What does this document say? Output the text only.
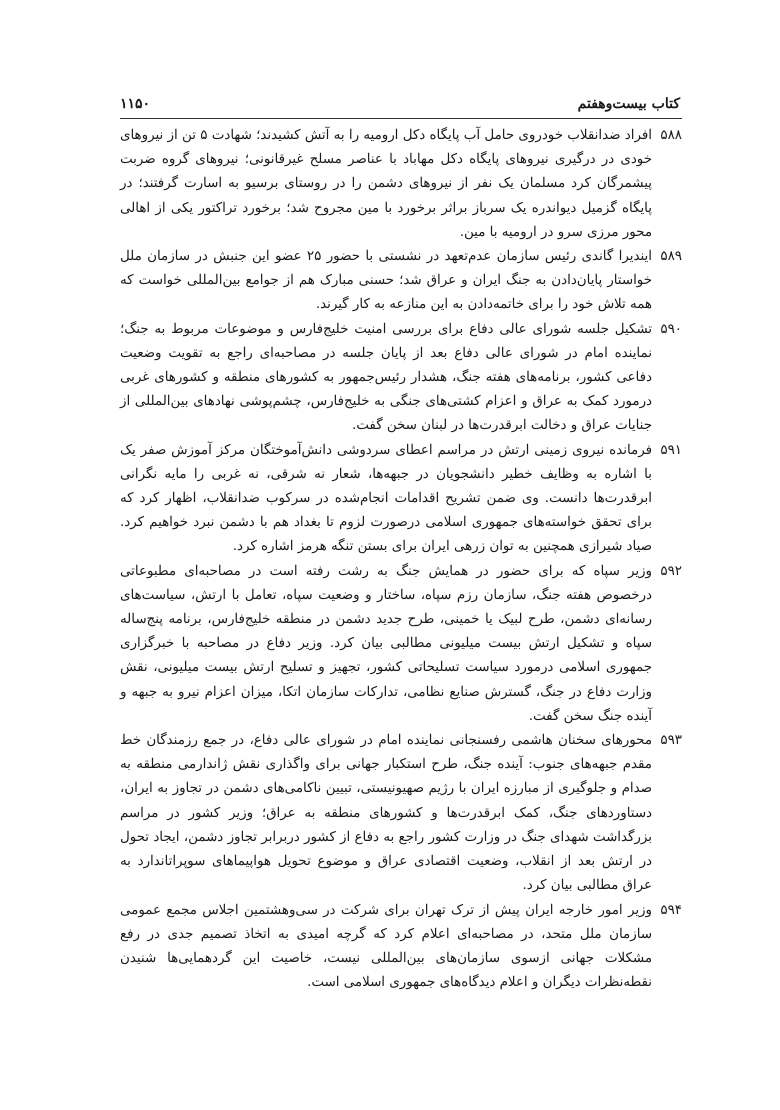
کتاب بیست‌وهفتم
۱۱۵۰
۵۸۸
افراد ضدانقلاب خودروی حامل آب پایگاه دکل ارومیه را به آتش کشیدند؛ شهادت ۵ تن از نیروهای خودی در درگیری نیروهای پایگاه دکل مهاباد با عناصر مسلح غیرقانونی؛ نیروهای گروه ضربت پیشمرگان کرد مسلمان یک نفر از نیروهای دشمن را در روستای برسیو به اسارت گرفتند؛ در پایگاه گزمیل دیواندره یک سرباز براثر برخورد با مین مجروح شد؛ برخورد تراکتور یکی از اهالی محور مرزی سرو در ارومیه با مین.
۵۸۹
ایندیرا گاندی رئیس سازمان عدم‌تعهد در نشستی با حضور ۲۵ عضو این جنبش در سازمان ملل خواستار پایان‌دادن به جنگ ایران و عراق شد؛ حسنی مبارک هم از جوامع بین‌المللی خواست که همه تلاش خود را برای خاتمه‌دادن به این منازعه به کار گیرند.
۵۹۰
تشکیل جلسه شورای عالی دفاع برای بررسی امنیت خلیج‌فارس و موضوعات مربوط به جنگ؛ نماینده امام در شورای عالی دفاع بعد از پایان جلسه در مصاحبه‌ای راجع به تقویت وضعیت دفاعی کشور، برنامه‌های هفته جنگ، هشدار رئیس‌جمهور به کشورهای منطقه و کشورهای غربی درمورد کمک به عراق و اعزام کشتی‌های جنگی به خلیج‌فارس، چشم‌پوشی نهادهای بین‌المللی از جنایات عراق و دخالت ابرقدرت‌ها در لبنان سخن گفت.
۵۹۱
فرمانده نیروی زمینی ارتش در مراسم اعطای سردوشی دانش‌آموختگان مرکز آموزش صفر یک با اشاره به وظایف خطیر دانشجویان در جبهه‌ها، شعار نه شرقی، نه غربی را مایه نگرانی ابرقدرت‌ها دانست. وی ضمن تشریح اقدامات انجام‌شده در سرکوب ضدانقلاب، اظهار کرد که برای تحقق خواسته‌های جمهوری اسلامی درصورت لزوم تا بغداد هم با دشمن نبرد خواهیم کرد. صیاد شیرازی همچنین به توان زرهی ایران برای بستن تنگه هرمز اشاره کرد.
۵۹۲
وزیر سپاه که برای حضور در همایش جنگ به رشت رفته است در مصاحبه‌ای مطبوعاتی درخصوص هفته جنگ، سازمان رزم سپاه، ساختار و وضعیت سپاه، تعامل با ارتش، سیاست‌های رسانه‌ای دشمن، طرح لبیک یا خمینی، طرح جدید دشمن در منطقه خلیج‌فارس، برنامه پنج‌ساله سپاه و تشکیل ارتش بیست میلیونی مطالبی بیان کرد. وزیر دفاع در مصاحبه با خبرگزاری جمهوری اسلامی درمورد سیاست تسلیحاتی کشور، تجهیز و تسلیح ارتش بیست میلیونی، نقش وزارت دفاع در جنگ، گسترش صنایع نظامی، تدارکات سازمان اتکا، میزان اعزام نیرو به جبهه و آینده جنگ سخن گفت.
۵۹۳
محورهای سخنان هاشمی رفسنجانی نماینده امام در شورای عالی دفاع، در جمع رزمندگان خط مقدم جبهه‌های جنوب: آینده جنگ، طرح استکبار جهانی برای واگذاری نقش ژاندارمی منطقه به صدام و جلوگیری از مبارزه ایران با رژیم صهیونیستی، تبیین ناکامی‌های دشمن در تجاوز به ایران، دستاوردهای جنگ، کمک ابرقدرت‌ها و کشورهای منطقه به عراق؛ وزیر کشور در مراسم بزرگداشت شهدای جنگ در وزارت کشور راجع به دفاع از کشور دربرابر تجاوز دشمن، ایجاد تحول در ارتش بعد از انقلاب، وضعیت اقتصادی عراق و موضوع تحویل هواپیماهای سوپراتاندارد به عراق مطالبی بیان کرد.
۵۹۴
وزیر امور خارجه ایران پیش از ترک تهران برای شرکت در سی‌وهشتمین اجلاس مجمع عمومی سازمان ملل متحد، در مصاحبه‌ای اعلام کرد که گرچه امیدی به اتخاذ تصمیم جدی در رفع مشکلات جهانی ازسوی سازمان‌های بین‌المللی نیست، خاصیت این گردهمایی‌ها شنیدن نقطه‌نظرات دیگران و اعلام دیدگاه‌های جمهوری اسلامی است.
